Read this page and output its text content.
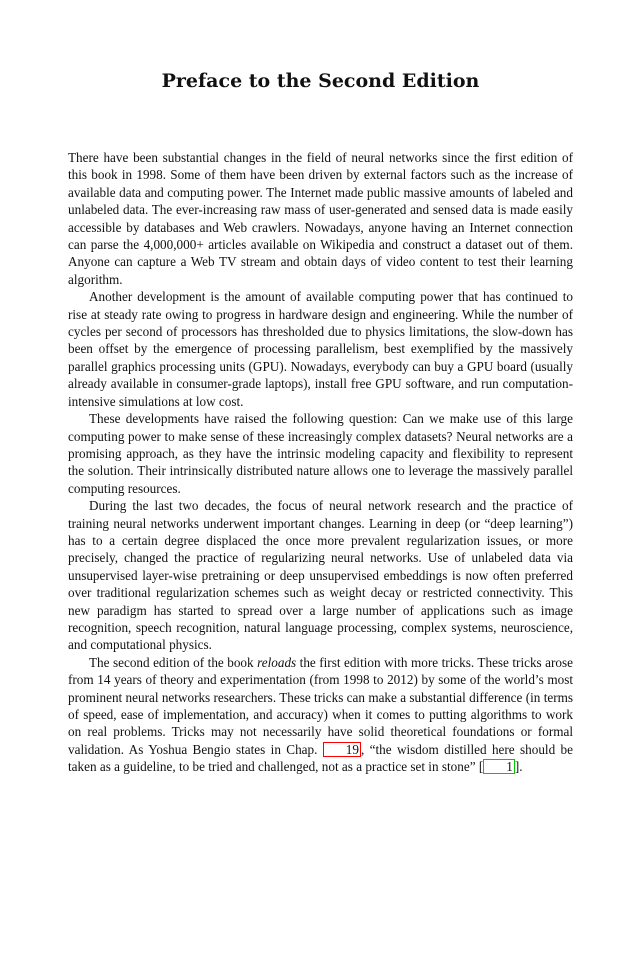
Preface to the Second Edition

There have been substantial changes in the field of neural networks since the first edition of this book in 1998. Some of them have been driven by external factors such as the increase of available data and computing power. The Internet made public massive amounts of labeled and unlabeled data. The ever-increasing raw mass of user-generated and sensed data is made easily accessible by databases and Web crawlers. Nowadays, anyone having an Internet connection can parse the 4,000,000+ articles available on Wikipedia and construct a dataset out of them. Anyone can capture a Web TV stream and obtain days of video content to test their learning algorithm.

Another development is the amount of available computing power that has continued to rise at steady rate owing to progress in hardware design and engineering. While the number of cycles per second of processors has thresholded due to physics limitations, the slow-down has been offset by the emergence of processing parallelism, best exemplified by the massively parallel graphics processing units (GPU). Nowadays, everybody can buy a GPU board (usually already available in consumer-grade laptops), install free GPU software, and run computation-intensive simulations at low cost.

These developments have raised the following question: Can we make use of this large computing power to make sense of these increasingly complex datasets? Neural networks are a promising approach, as they have the intrinsic modeling capacity and flexibility to represent the solution. Their intrinsically distributed nature allows one to leverage the massively parallel computing resources.

During the last two decades, the focus of neural network research and the practice of training neural networks underwent important changes. Learning in deep (or “deep learning”) has to a certain degree displaced the once more prevalent regularization issues, or more precisely, changed the practice of regularizing neural networks. Use of unlabeled data via unsupervised layer-wise pretraining or deep unsupervised embeddings is now often preferred over traditional regularization schemes such as weight decay or restricted connectivity. This new paradigm has started to spread over a large number of applications such as image recognition, speech recognition, natural language processing, complex systems, neuroscience, and computational physics.

The second edition of the book reloads the first edition with more tricks. These tricks arose from 14 years of theory and experimentation (from 1998 to 2012) by some of the world’s most prominent neural networks researchers. These tricks can make a substantial difference (in terms of speed, ease of implementation, and accuracy) when it comes to putting algorithms to work on real problems. Tricks may not necessarily have solid theoretical foundations or formal validation. As Yoshua Bengio states in Chap. 19 , “the wisdom distilled here should be taken as a guideline, to be tried and challenged, not as a practice set in stone” [ 1 ].
